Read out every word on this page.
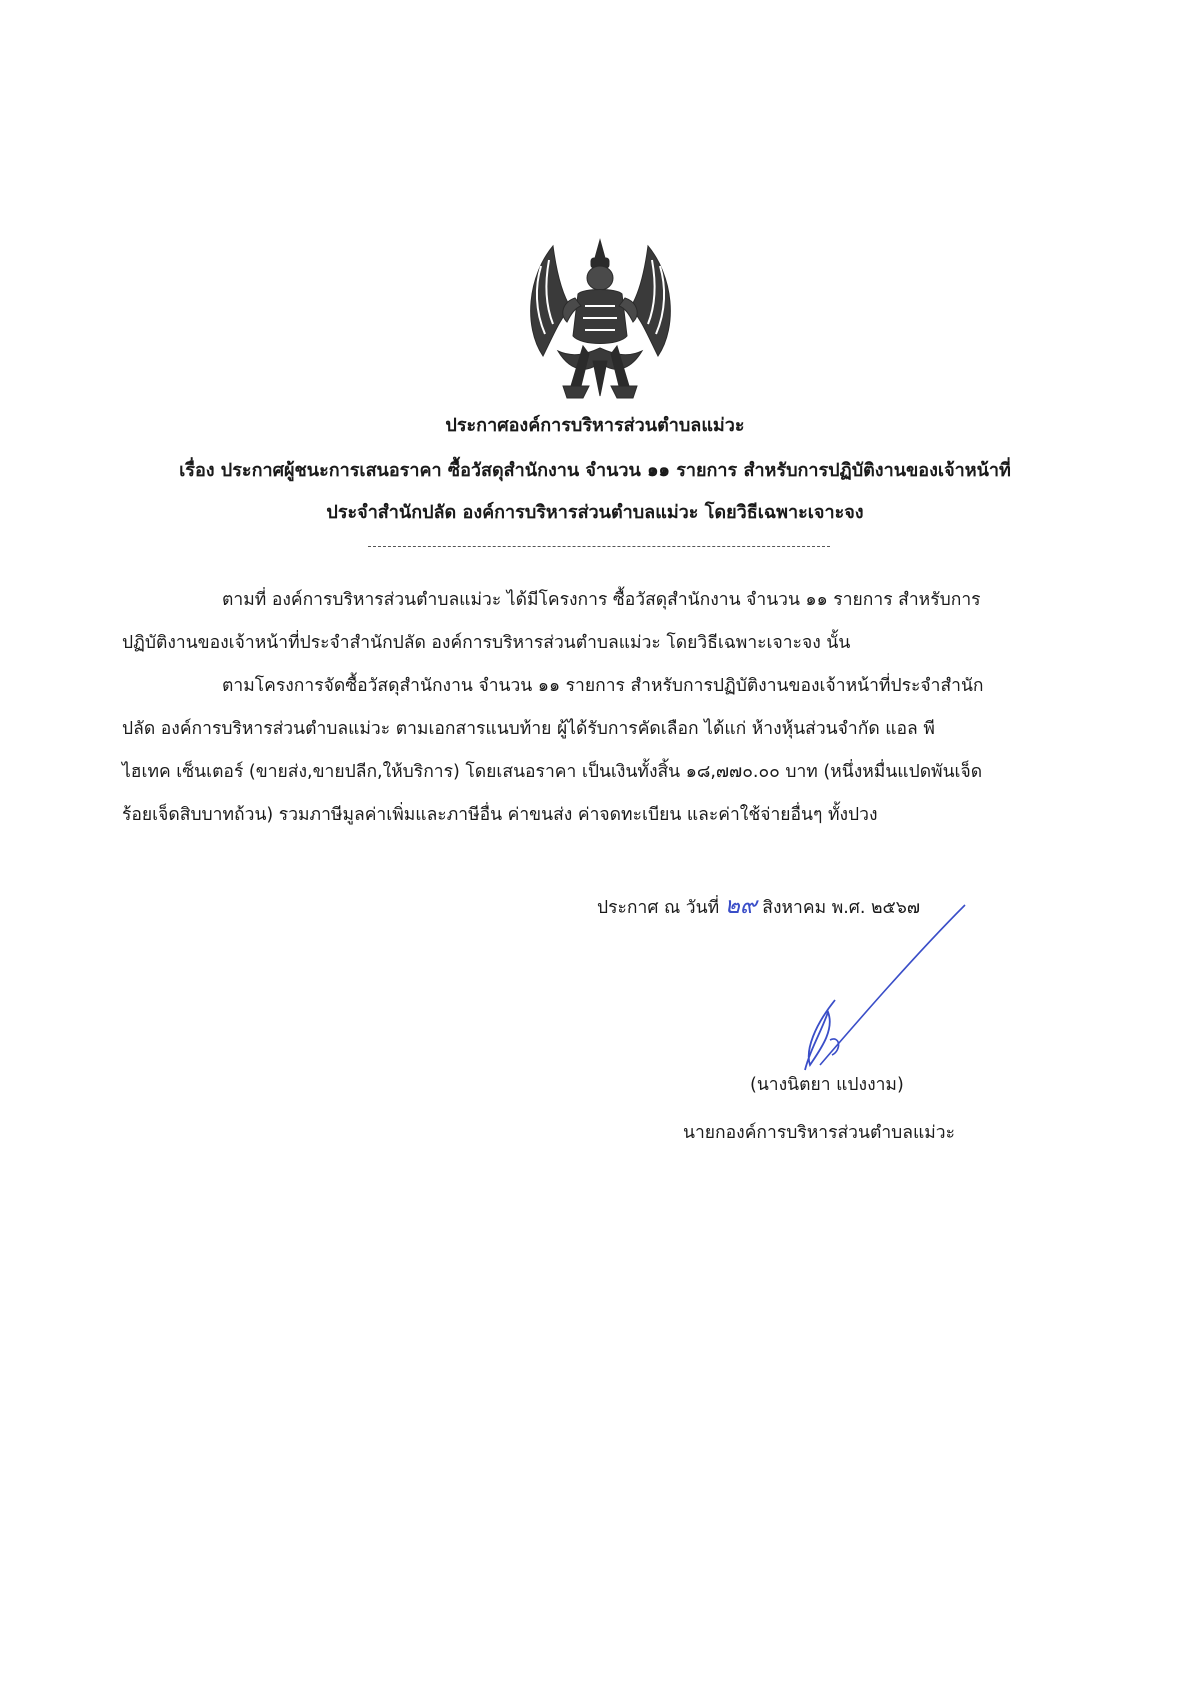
ประกาศองค์การบริหารส่วนตำบลแม่วะ
เรื่อง ประกาศผู้ชนะการเสนอราคา ซื้อวัสดุสำนักงาน จำนวน ๑๑ รายการ สำหรับการปฏิบัติงานของเจ้าหน้าที่
ประจำสำนักปลัด องค์การบริหารส่วนตำบลแม่วะ โดยวิธีเฉพาะเจาะจง
ตามที่ องค์การบริหารส่วนตำบลแม่วะ ได้มีโครงการ ซื้อวัสดุสำนักงาน จำนวน ๑๑ รายการ สำหรับการ
ปฏิบัติงานของเจ้าหน้าที่ประจำสำนักปลัด องค์การบริหารส่วนตำบลแม่วะ โดยวิธีเฉพาะเจาะจง นั้น
ตามโครงการจัดซื้อวัสดุสำนักงาน จำนวน ๑๑ รายการ สำหรับการปฏิบัติงานของเจ้าหน้าที่ประจำสำนัก
ปลัด องค์การบริหารส่วนตำบลแม่วะ ตามเอกสารแนบท้าย ผู้ได้รับการคัดเลือก ได้แก่ ห้างหุ้นส่วนจำกัด แอล พี
ไฮเทค เซ็นเตอร์ (ขายส่ง,ขายปลีก,ให้บริการ) โดยเสนอราคา เป็นเงินทั้งสิ้น ๑๘,๗๗๐.๐๐ บาท (หนึ่งหมื่นแปดพันเจ็ด
ร้อยเจ็ดสิบบาทถ้วน) รวมภาษีมูลค่าเพิ่มและภาษีอื่น ค่าขนส่ง ค่าจดทะเบียน และค่าใช้จ่ายอื่นๆ ทั้งปวง
ประกาศ ณ วันที่ ๒๙ สิงหาคม พ.ศ. ๒๕๖๗
(นางนิตยา แปงงาม)
นายกองค์การบริหารส่วนตำบลแม่วะ
